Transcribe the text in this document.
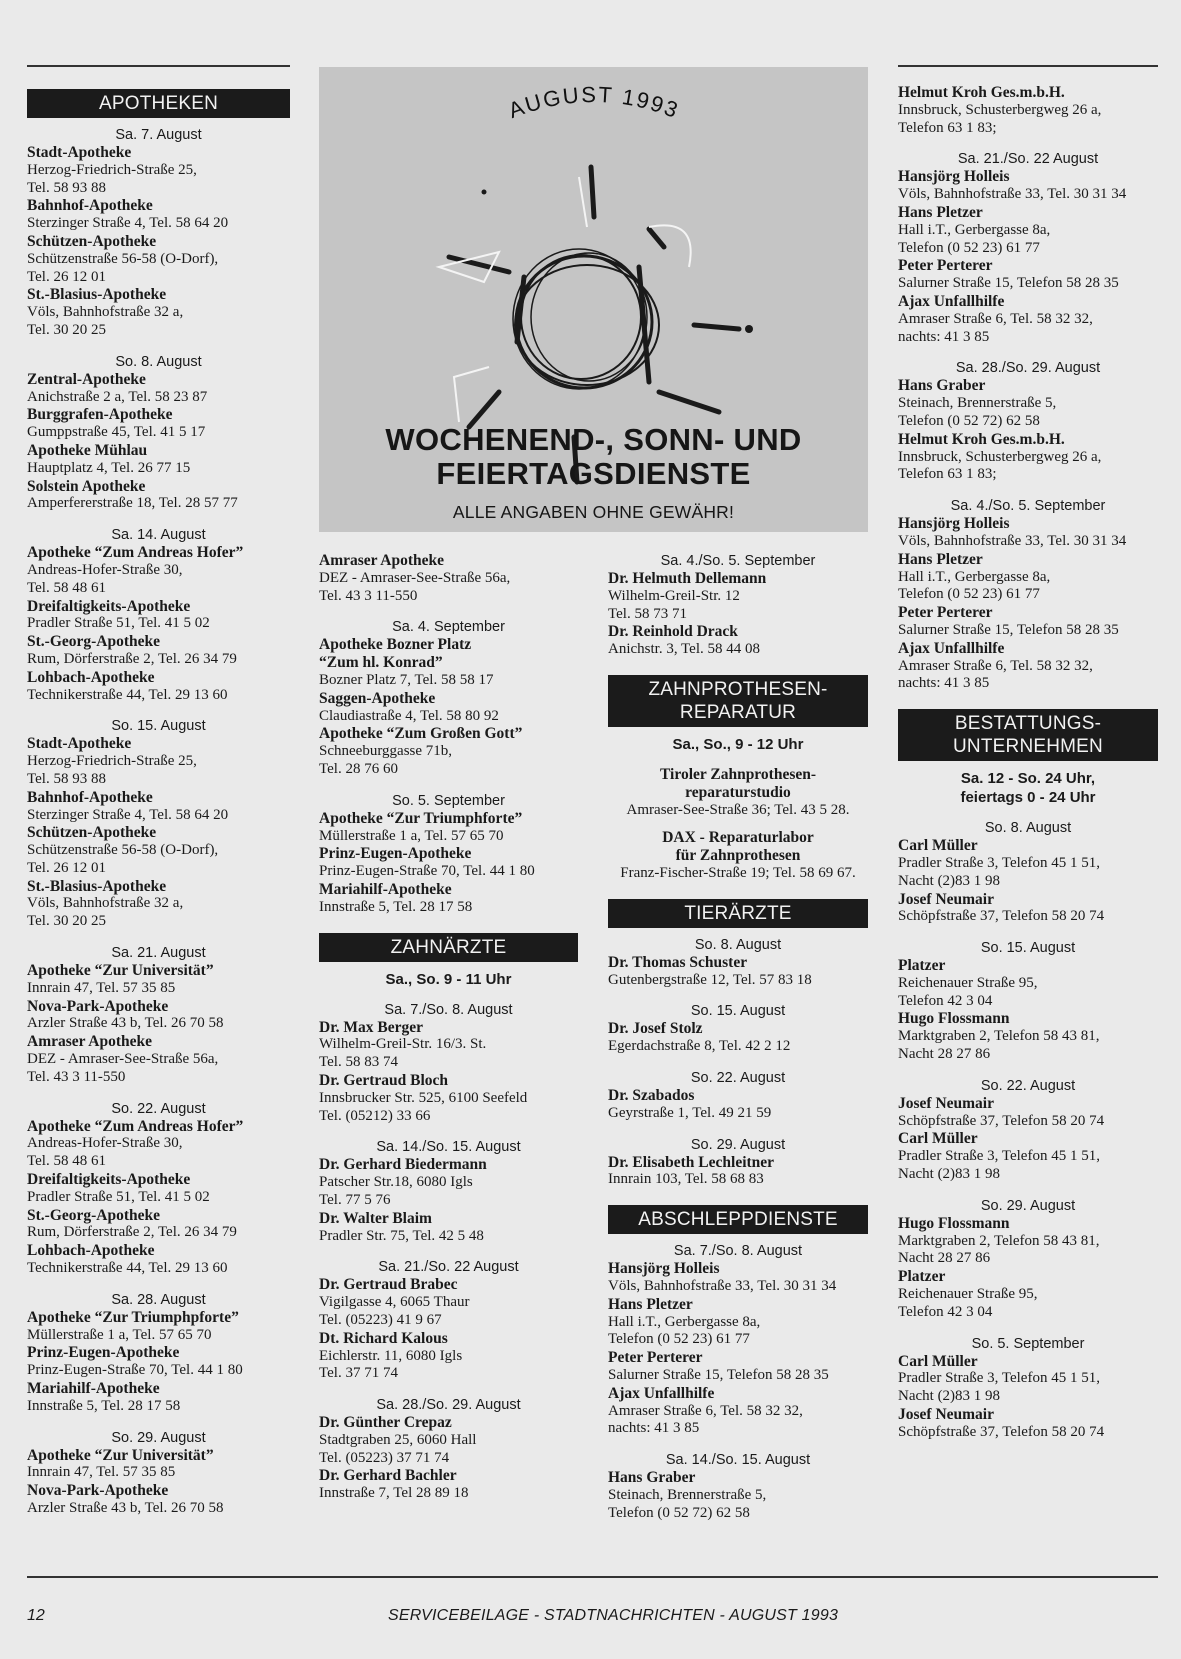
AUGUST 1993
WOCHENEND-, SONN- UND
FEIERTAGSDIENSTE
ALLE ANGABEN OHNE GEWÄHR!
APOTHEKEN
Sa. 7. August
Stadt-Apotheke
Herzog-Friedrich-Straße 25,
Tel. 58 93 88
Bahnhof-Apotheke
Sterzinger Straße 4, Tel. 58 64 20
Schützen-Apotheke
Schützenstraße 56-58 (O-Dorf),
Tel. 26 12 01
St.-Blasius-Apotheke
Völs, Bahnhofstraße 32 a,
Tel. 30 20 25
So. 8. August
Zentral-Apotheke
Anichstraße 2 a, Tel. 58 23 87
Burggrafen-Apotheke
Gumppstraße 45, Tel. 41 5 17
Apotheke Mühlau
Hauptplatz 4, Tel. 26 77 15
Solstein Apotheke
Amperfererstraße 18, Tel. 28 57 77
Sa. 14. August
Apotheke “Zum Andreas Hofer”
Andreas-Hofer-Straße 30,
Tel. 58 48 61
Dreifaltigkeits-Apotheke
Pradler Straße 51, Tel. 41 5 02
St.-Georg-Apotheke
Rum, Dörferstraße 2, Tel. 26 34 79
Lohbach-Apotheke
Technikerstraße 44, Tel. 29 13 60
So. 15. August
Stadt-Apotheke
Herzog-Friedrich-Straße 25,
Tel. 58 93 88
Bahnhof-Apotheke
Sterzinger Straße 4, Tel. 58 64 20
Schützen-Apotheke
Schützenstraße 56-58 (O-Dorf),
Tel. 26 12 01
St.-Blasius-Apotheke
Völs, Bahnhofstraße 32 a,
Tel. 30 20 25
Sa. 21. August
Apotheke “Zur Universität”
Innrain 47, Tel. 57 35 85
Nova-Park-Apotheke
Arzler Straße 43 b, Tel. 26 70 58
Amraser Apotheke
DEZ - Amraser-See-Straße 56a,
Tel. 43 3 11-550
So. 22. August
Apotheke “Zum Andreas Hofer”
Andreas-Hofer-Straße 30,
Tel. 58 48 61
Dreifaltigkeits-Apotheke
Pradler Straße 51, Tel. 41 5 02
St.-Georg-Apotheke
Rum, Dörferstraße 2, Tel. 26 34 79
Lohbach-Apotheke
Technikerstraße 44, Tel. 29 13 60
Sa. 28. August
Apotheke “Zur Triumphpforte”
Müllerstraße 1 a, Tel. 57 65 70
Prinz-Eugen-Apotheke
Prinz-Eugen-Straße 70, Tel. 44 1 80
Mariahilf-Apotheke
Innstraße 5, Tel. 28 17 58
So. 29. August
Apotheke “Zur Universität”
Innrain 47, Tel. 57 35 85
Nova-Park-Apotheke
Arzler Straße 43 b, Tel. 26 70 58
Amraser Apotheke
DEZ - Amraser-See-Straße 56a,
Tel. 43 3 11-550
Sa. 4. September
Apotheke Bozner Platz
“Zum hl. Konrad”
Bozner Platz 7, Tel. 58 58 17
Saggen-Apotheke
Claudiastraße 4, Tel. 58 80 92
Apotheke “Zum Großen Gott”
Schneeburggasse 71b,
Tel. 28 76 60
So. 5. September
Apotheke “Zur Triumphforte”
Müllerstraße 1 a, Tel. 57 65 70
Prinz-Eugen-Apotheke
Prinz-Eugen-Straße 70, Tel. 44 1 80
Mariahilf-Apotheke
Innstraße 5, Tel. 28 17 58
ZAHNÄRZTE
Sa., So. 9 - 11 Uhr
Sa. 7./So. 8. August
Dr. Max Berger
Wilhelm-Greil-Str. 16/3. St.
Tel. 58 83 74
Dr. Gertraud Bloch
Innsbrucker Str. 525, 6100 Seefeld
Tel. (05212) 33 66
Sa. 14./So. 15. August
Dr. Gerhard Biedermann
Patscher Str.18, 6080 Igls
Tel. 77 5 76
Dr. Walter Blaim
Pradler Str. 75, Tel. 42 5 48
Sa. 21./So. 22 August
Dr. Gertraud Brabec
Vigilgasse 4, 6065 Thaur
Tel. (05223) 41 9 67
Dt. Richard Kalous
Eichlerstr. 11, 6080 Igls
Tel. 37 71 74
Sa. 28./So. 29. August
Dr. Günther Crepaz
Stadtgraben 25, 6060 Hall
Tel. (05223) 37 71 74
Dr. Gerhard Bachler
Innstraße 7, Tel 28 89 18
Sa. 4./So. 5. September
Dr. Helmuth Dellemann
Wilhelm-Greil-Str. 12
Tel. 58 73 71
Dr. Reinhold Drack
Anichstr. 3, Tel. 58 44 08
ZAHNPROTHESEN-
REPARATUR
Sa., So., 9 - 12 Uhr
Tiroler Zahnprothesen-
reparaturstudio
Amraser-See-Straße 36; Tel. 43 5 28.
DAX - Reparaturlabor
für Zahnprothesen
Franz-Fischer-Straße 19; Tel. 58 69 67.
TIERÄRZTE
So. 8. August
Dr. Thomas Schuster
Gutenbergstraße 12, Tel. 57 83 18
So. 15. August
Dr. Josef Stolz
Egerdachstraße 8, Tel. 42 2 12
So. 22. August
Dr. Szabados
Geyrstraße 1, Tel. 49 21 59
So. 29. August
Dr. Elisabeth Lechleitner
Innrain 103, Tel. 58 68 83
ABSCHLEPPDIENSTE
Sa. 7./So. 8. August
Hansjörg Holleis
Völs, Bahnhofstraße 33, Tel. 30 31 34
Hans Pletzer
Hall i.T., Gerbergasse 8a,
Telefon (0 52 23) 61 77
Peter Perterer
Salurner Straße 15, Telefon 58 28 35
Ajax Unfallhilfe
Amraser Straße 6, Tel. 58 32 32,
nachts: 41 3 85
Sa. 14./So. 15. August
Hans Graber
Steinach, Brennerstraße 5,
Telefon (0 52 72) 62 58
Helmut Kroh Ges.m.b.H.
Innsbruck, Schusterbergweg 26 a,
Telefon 63 1 83;
Sa. 21./So. 22 August
Hansjörg Holleis
Völs, Bahnhofstraße 33, Tel. 30 31 34
Hans Pletzer
Hall i.T., Gerbergasse 8a,
Telefon (0 52 23) 61 77
Peter Perterer
Salurner Straße 15, Telefon 58 28 35
Ajax Unfallhilfe
Amraser Straße 6, Tel. 58 32 32,
nachts: 41 3 85
Sa. 28./So. 29. August
Hans Graber
Steinach, Brennerstraße 5,
Telefon (0 52 72) 62 58
Helmut Kroh Ges.m.b.H.
Innsbruck, Schusterbergweg 26 a,
Telefon 63 1 83;
Sa. 4./So. 5. September
Hansjörg Holleis
Völs, Bahnhofstraße 33, Tel. 30 31 34
Hans Pletzer
Hall i.T., Gerbergasse 8a,
Telefon (0 52 23) 61 77
Peter Perterer
Salurner Straße 15, Telefon 58 28 35
Ajax Unfallhilfe
Amraser Straße 6, Tel. 58 32 32,
nachts: 41 3 85
BESTATTUNGS-
UNTERNEHMEN
Sa. 12 - So. 24 Uhr,
feiertags 0 - 24 Uhr
So. 8. August
Carl Müller
Pradler Straße 3, Telefon 45 1 51,
Nacht (2)83 1 98
Josef Neumair
Schöpfstraße 37, Telefon 58 20 74
So. 15. August
Platzer
Reichenauer Straße 95,
Telefon 42 3 04
Hugo Flossmann
Marktgraben 2, Telefon 58 43 81,
Nacht 28 27 86
So. 22. August
Josef Neumair
Schöpfstraße 37, Telefon 58 20 74
Carl Müller
Pradler Straße 3, Telefon 45 1 51,
Nacht (2)83 1 98
So. 29. August
Hugo Flossmann
Marktgraben 2, Telefon 58 43 81,
Nacht 28 27 86
Platzer
Reichenauer Straße 95,
Telefon 42 3 04
So. 5. September
Carl Müller
Pradler Straße 3, Telefon 45 1 51,
Nacht (2)83 1 98
Josef Neumair
Schöpfstraße 37, Telefon 58 20 74
12	SERVICEBEILAGE - STADTNACHRICHTEN - AUGUST 1993
